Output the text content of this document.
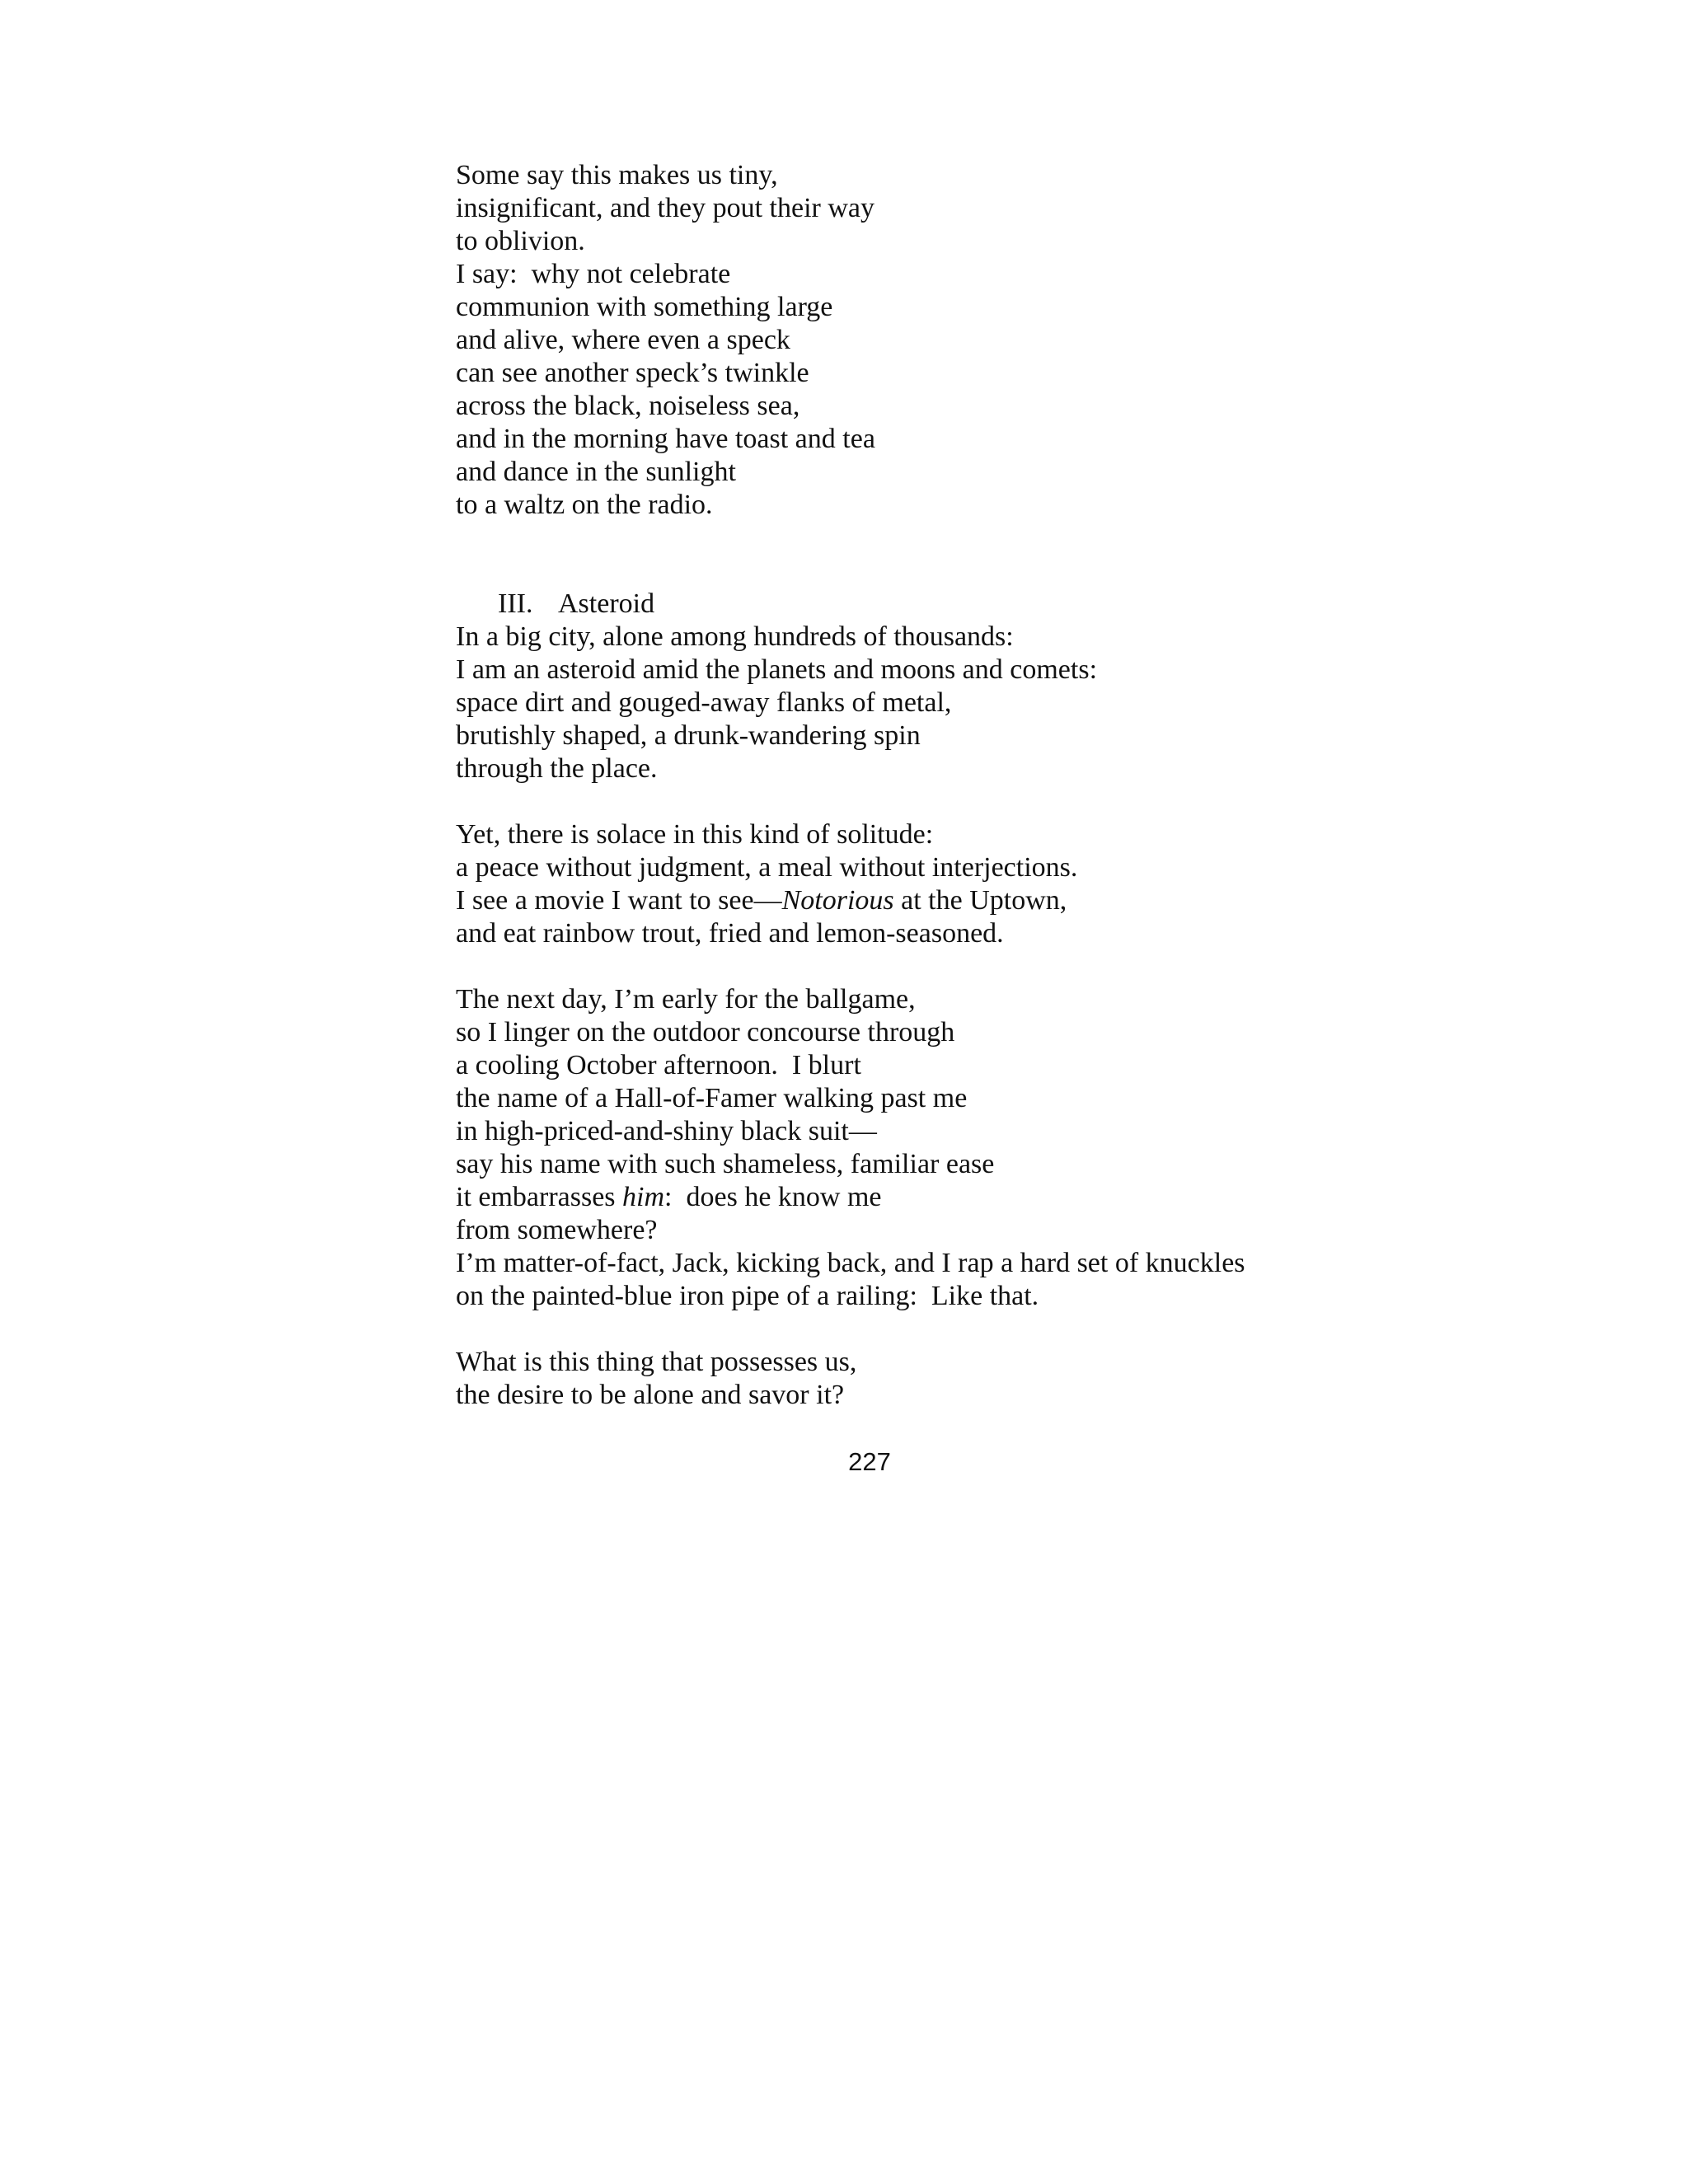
Some say this makes us tiny,
insignificant, and they pout their way
to oblivion.
I say:  why not celebrate
communion with something large
and alive, where even a speck
can see another speck’s twinkle
across the black, noiseless sea,
and in the morning have toast and tea
and dance in the sunlight
to a waltz on the radio.

III. Asteroid

In a big city, alone among hundreds of thousands:
I am an asteroid amid the planets and moons and comets:
space dirt and gouged-away flanks of metal,
brutishly shaped, a drunk-wandering spin
through the place.
Yet, there is solace in this kind of solitude:
a peace without judgment, a meal without interjections.
I see a movie I want to see—Notorious at the Uptown,
and eat rainbow trout, fried and lemon-seasoned.
The next day, I’m early for the ballgame,
so I linger on the outdoor concourse through
a cooling October afternoon.  I blurt
the name of a Hall-of-Famer walking past me
in high-priced-and-shiny black suit—
say his name with such shameless, familiar ease
it embarrasses him:  does he know me
from somewhere?
I’m matter-of-fact, Jack, kicking back, and I rap a hard set of knuckles
on the painted-blue iron pipe of a railing:  Like that.
What is this thing that possesses us,
the desire to be alone and savor it?
227
